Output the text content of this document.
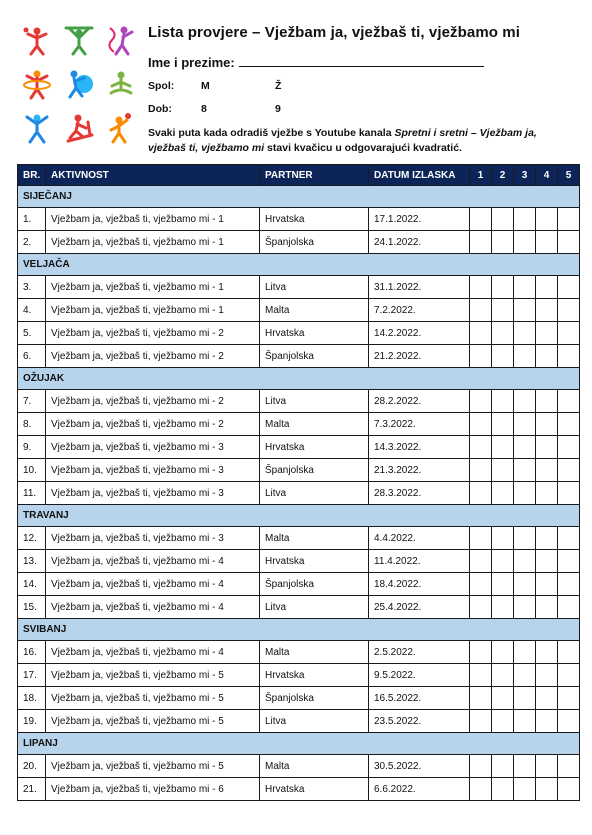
Lista provjere – Vježbam ja, vježbaš ti, vježbamo mi
Ime i prezime:
Spol:	M	Ž
Dob:	8	9
Svaki puta kada odradiš vježbe s Youtube kanala Spretni i sretni – Vježbam ja, vježbaš ti, vježbamo mi stavi kvačicu u odgovarajući kvadratić.
BR.	AKTIVNOST	PARTNER	DATUM IZLASKA	1	2	3	4	5
SIJEČANJ								
1.	Vježbam ja, vježbaš ti, vježbamo mi - 1	Hrvatska	17.1.2022.					
2.	Vježbam ja, vježbaš ti, vježbamo mi - 1	Španjolska	24.1.2022.					
VELJAČA								
3.	Vježbam ja, vježbaš ti, vježbamo mi - 1	Litva	31.1.2022.					
4.	Vježbam ja, vježbaš ti, vježbamo mi - 1	Malta	7.2.2022.					
5.	Vježbam ja, vježbaš ti, vježbamo mi - 2	Hrvatska	14.2.2022.					
6.	Vježbam ja, vježbaš ti, vježbamo mi - 2	Španjolska	21.2.2022.					
OŽUJAK								
7.	Vježbam ja, vježbaš ti, vježbamo mi - 2	Litva	28.2.2022.					
8.	Vježbam ja, vježbaš ti, vježbamo mi - 2	Malta	7.3.2022.					
9.	Vježbam ja, vježbaš ti, vježbamo mi - 3	Hrvatska	14.3.2022.					
10.	Vježbam ja, vježbaš ti, vježbamo mi - 3	Španjolska	21.3.2022.					
11.	Vježbam ja, vježbaš ti, vježbamo mi - 3	Litva	28.3.2022.					
TRAVANJ								
12.	Vježbam ja, vježbaš ti, vježbamo mi - 3	Malta	4.4.2022.					
13.	Vježbam ja, vježbaš ti, vježbamo mi - 4	Hrvatska	11.4.2022.					
14.	Vježbam ja, vježbaš ti, vježbamo mi - 4	Španjolska	18.4.2022.					
15.	Vježbam ja, vježbaš ti, vježbamo mi - 4	Litva	25.4.2022.					
SVIBANJ								
16.	Vježbam ja, vježbaš ti, vježbamo mi - 4	Malta	2.5.2022.					
17.	Vježbam ja, vježbaš ti, vježbamo mi - 5	Hrvatska	9.5.2022.					
18.	Vježbam ja, vježbaš ti, vježbamo mi - 5	Španjolska	16.5.2022.					
19.	Vježbam ja, vježbaš ti, vježbamo mi - 5	Litva	23.5.2022.					
LIPANJ								
20.	Vježbam ja, vježbaš ti, vježbamo mi - 5	Malta	30.5.2022.					
21.	Vježbam ja, vježbaš ti, vježbamo mi - 6	Hrvatska	6.6.2022.					
